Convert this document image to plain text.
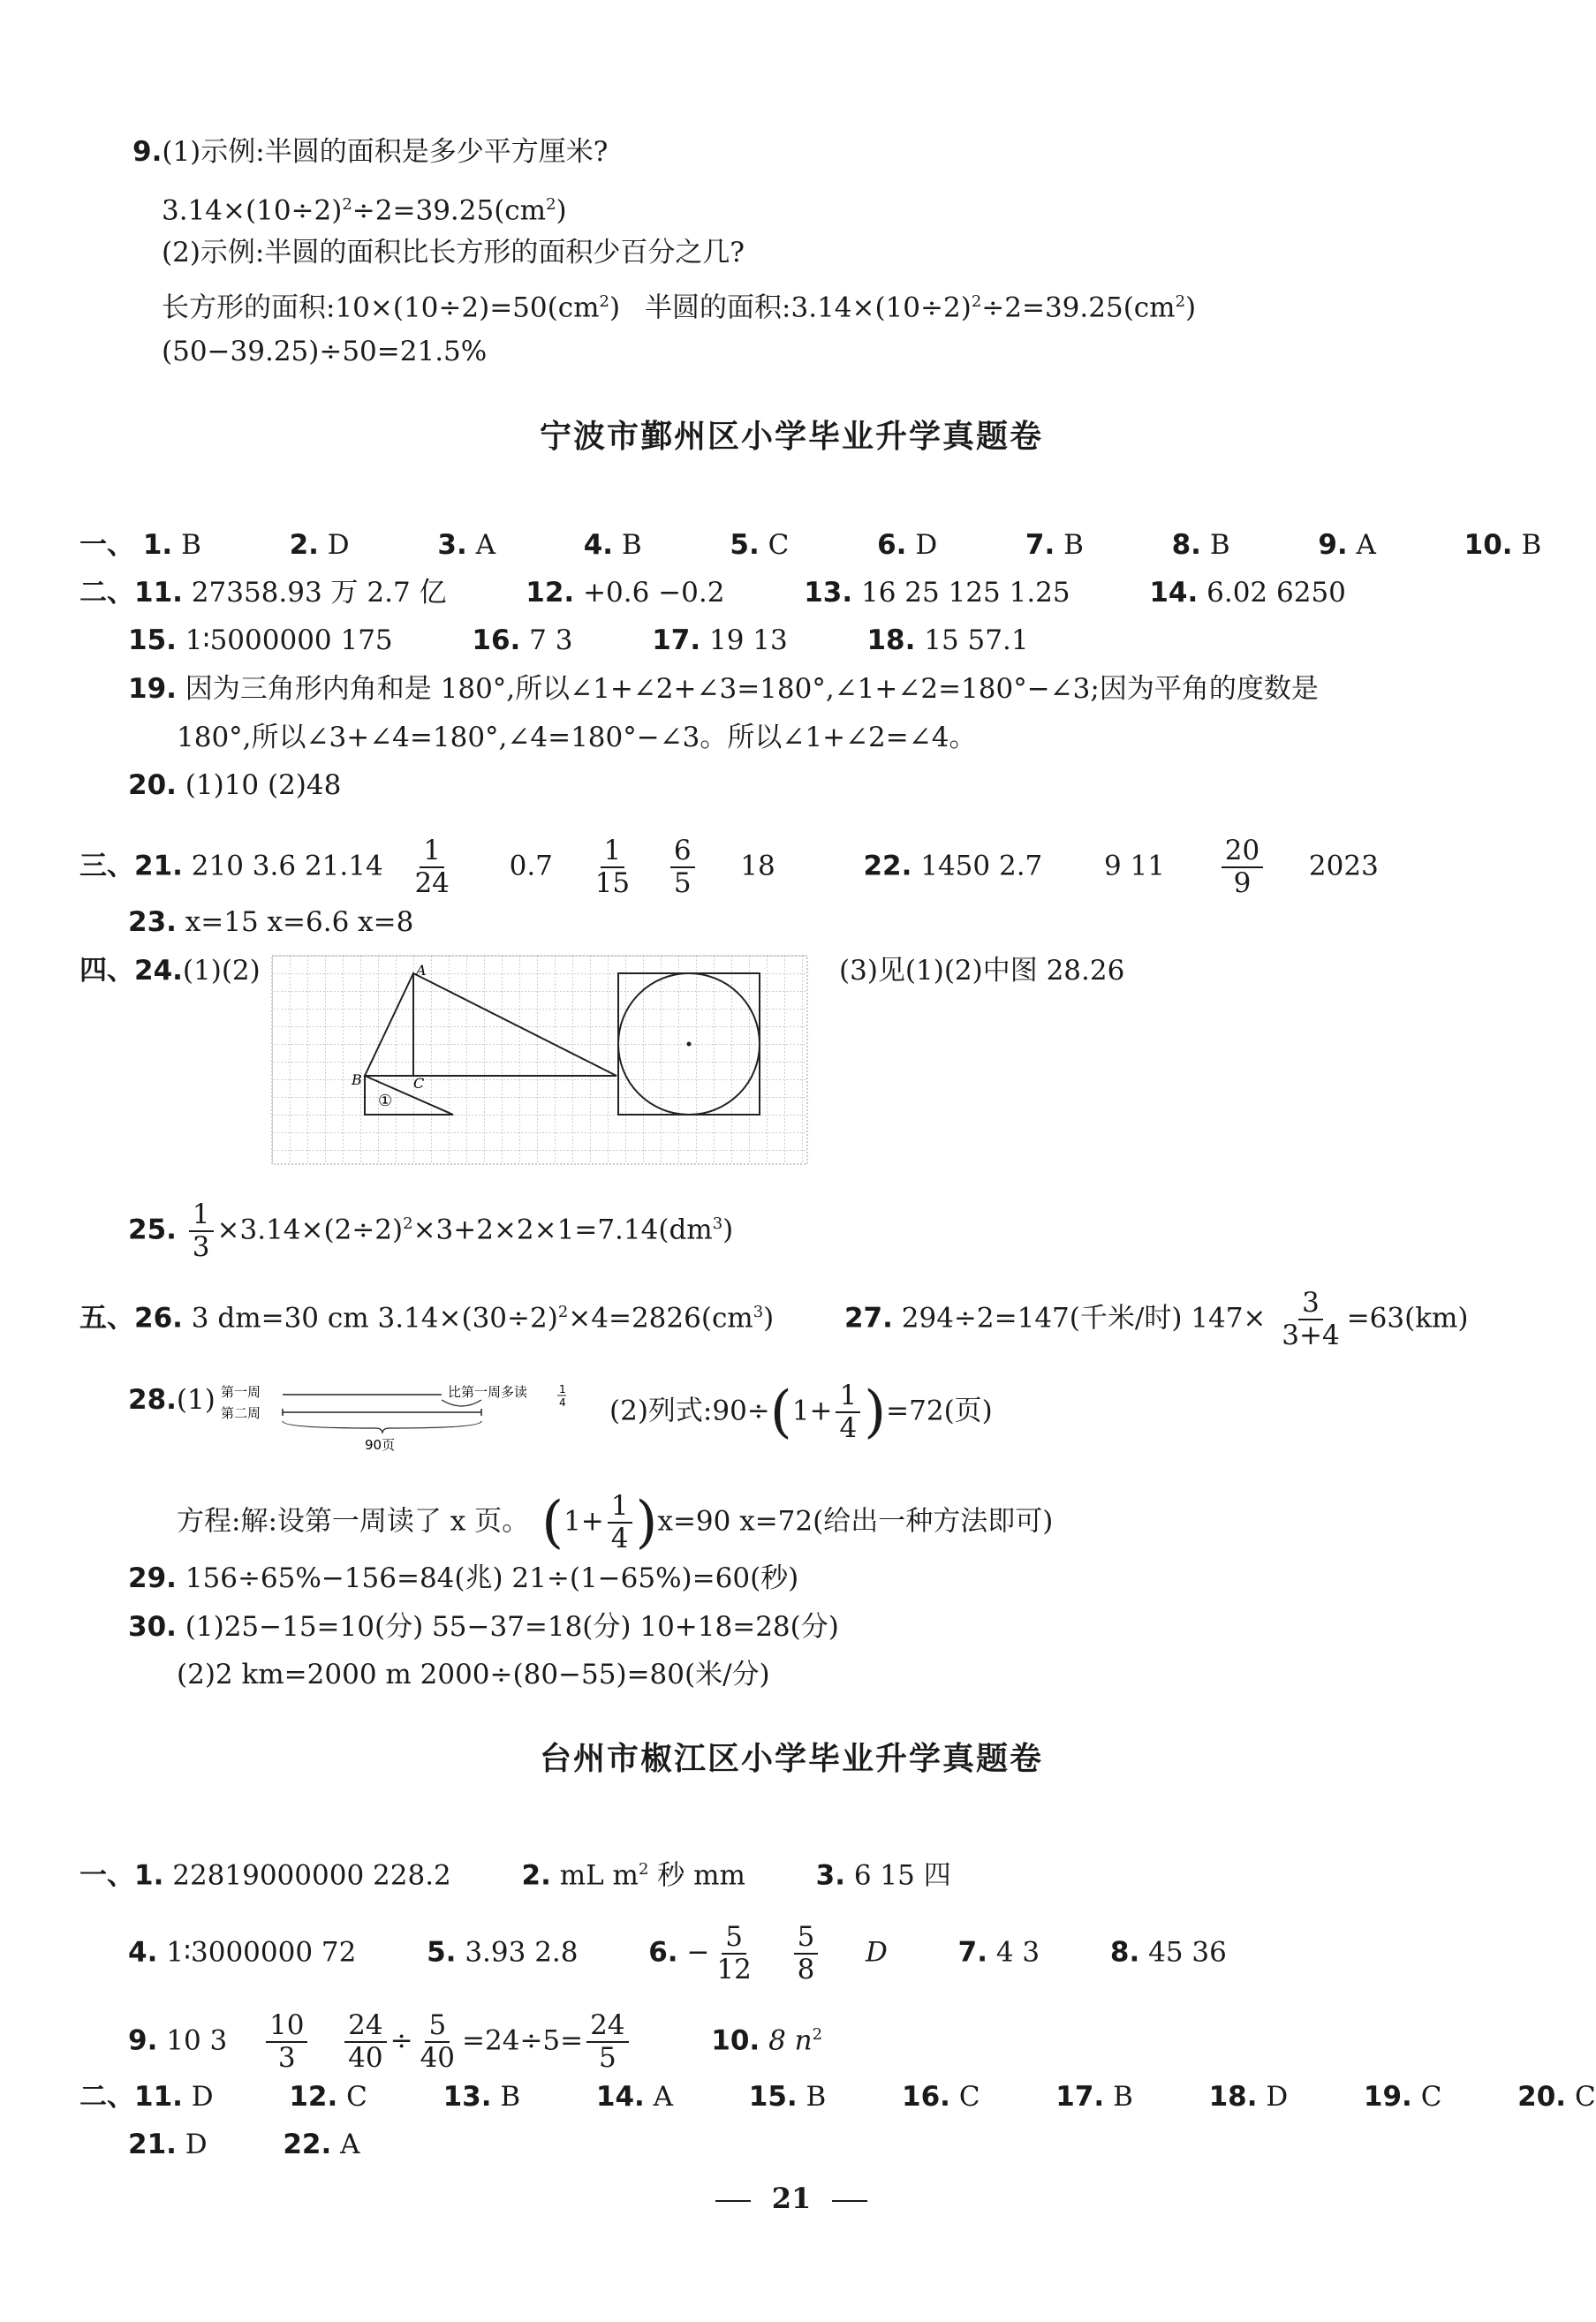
9.(1)示例:半圆的面积是多少平方厘米?
$3.14\times(10\div 2)^2\div 2=39.25(cm^2)$
(2)示例:半圆的面积比长方形的面积少百分之几?
长方形的面积$:10\times(10\div 2)=50(cm^2)$ 半圆的面积$:3.14\times(10\div 2)^2\div 2=39.25(cm^2)$
(50−39.25)÷50=21.5%
宁波市鄞州区小学毕业升学真题卷
一、 1. B	2. D	3. A	4. B	5. C	6. D	7. B	8. B	9. A	10. B
二、11. 27358.93 万 2.7 亿	12. +0.6 −0.2	13. 16 25 125 1.25	14. 6.02 6250
15. 1∶5000000 175	16. 7 3	17. 19 13	18. 15 57.1
19. 因为三角形内角和是 180°,所以∠1+∠2+∠3=180°,∠1+∠2=180°−∠3;因为平角的度数是
180°,所以∠3+∠4=180°,∠4=180°−∠3。所以∠1+∠2=∠4。
20. (1)10 (2)48
三、21. 210 3.6 $21.14 \frac{1}{24} 0.7 \frac{1}{15}$
$\frac{6}{5} 18$	22. 1450 2.7 9 $11 \frac{20}{9} 2023$
23. x=15 x=6.6 x=8
四、24.(1)(2)	(3)见(1)(2)中图 28.26
A
B	C
①
25. $\frac{1}{3} \times 3.14\times(2\div 2)^2\times 3+2\times 2\times 1=7.14(dm^3)$
五、26. 3 dm=30 cm $3.14\times(30\div 2)^2\times 4=2826(cm^3)$	27. 294÷2=147(千米/时) $147\times \frac{3}{3+4} =63(km)$
28.(1) 第一周
第二周
比第一周多读	1
4
90页
(2)列式:90÷(1+ $\frac{1}{4} )=72$(页)
方程:解:设第一周读了 x 页。 $(1+ \frac{1}{4} )x=90$ x=72(给出一种方法即可)
29. 156÷65%−156=84(兆) 21÷(1−65%)=60(秒)
30. (1)25−15=10(分) 55−37=18(分) 10+18=28(分)
(2)2 km=2000 m 2000÷(80−55)=80(米/分)
台州市椒江区小学毕业升学真题卷
一、1. 22819000000 228.2	2. mL $m^2$ 秒 mm	3. 6 15 四
4. 1∶3000000 72	5. 3.93 2.8	6. − $\frac{5}{12}$
$\frac{5}{8}$ D	7. 4 3	8. 45 36
9. 10 $3 \frac{10}{3}$
$\frac{24}{40} \div \frac{5}{40} =24\div 5= \frac{24}{5}$	10. 8 $n^2$
二、11. D	12. C	13. B	14. A	15. B	16. C	17. B	18. D	19. C	20. C
21. D	22. A
21
